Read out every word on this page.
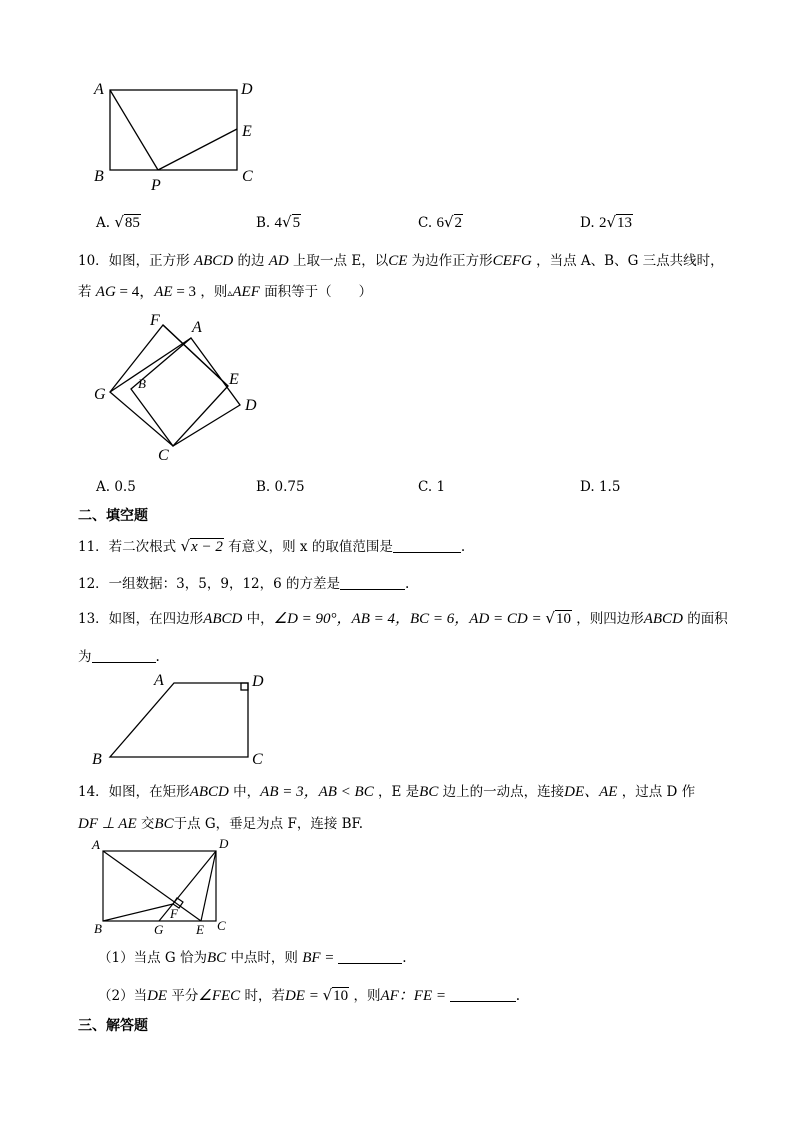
A	D
E
B
P
C
A. √85	B. 4√5	C. 6√2	D. 2√13
10．如图，正方形 ABCD 的边 AD 上取一点 E，以CE 为边作正方形CEFG ，当点 A、B、G 三点共线时，
若 AG = 4，AE = 3 ，则▵AEF 面积等于（　　）
F A
G
B	E
D
C
A. 0.5	B. 0.75	C. 1	D. 1.5
二、填空题
11．若二次根式 √x − 2 有意义，则 x 的取值范围是	.
12．一组数据：3，5，9，12，6 的方差是	.
13．如图，在四边形ABCD 中，∠D = 90°，AB = 4，BC = 6，AD = CD = √10 ，则四边形ABCD 的面积
为	.
A	D
B	C
14．如图，在矩形ABCD 中，AB = 3，AB < BC ，E 是BC 边上的一动点，连接DE、AE ，过点 D 作
DF ⊥ AE 交BC于点 G，垂足为点 F，连接 BF.
A	D
B	G
F
E C
（1）当点 G 恰为BC 中点时，则 BF =	.
（2）当DE 平分∠FEC 时，若DE = √10 ，则AF：FE =	.
三、解答题
